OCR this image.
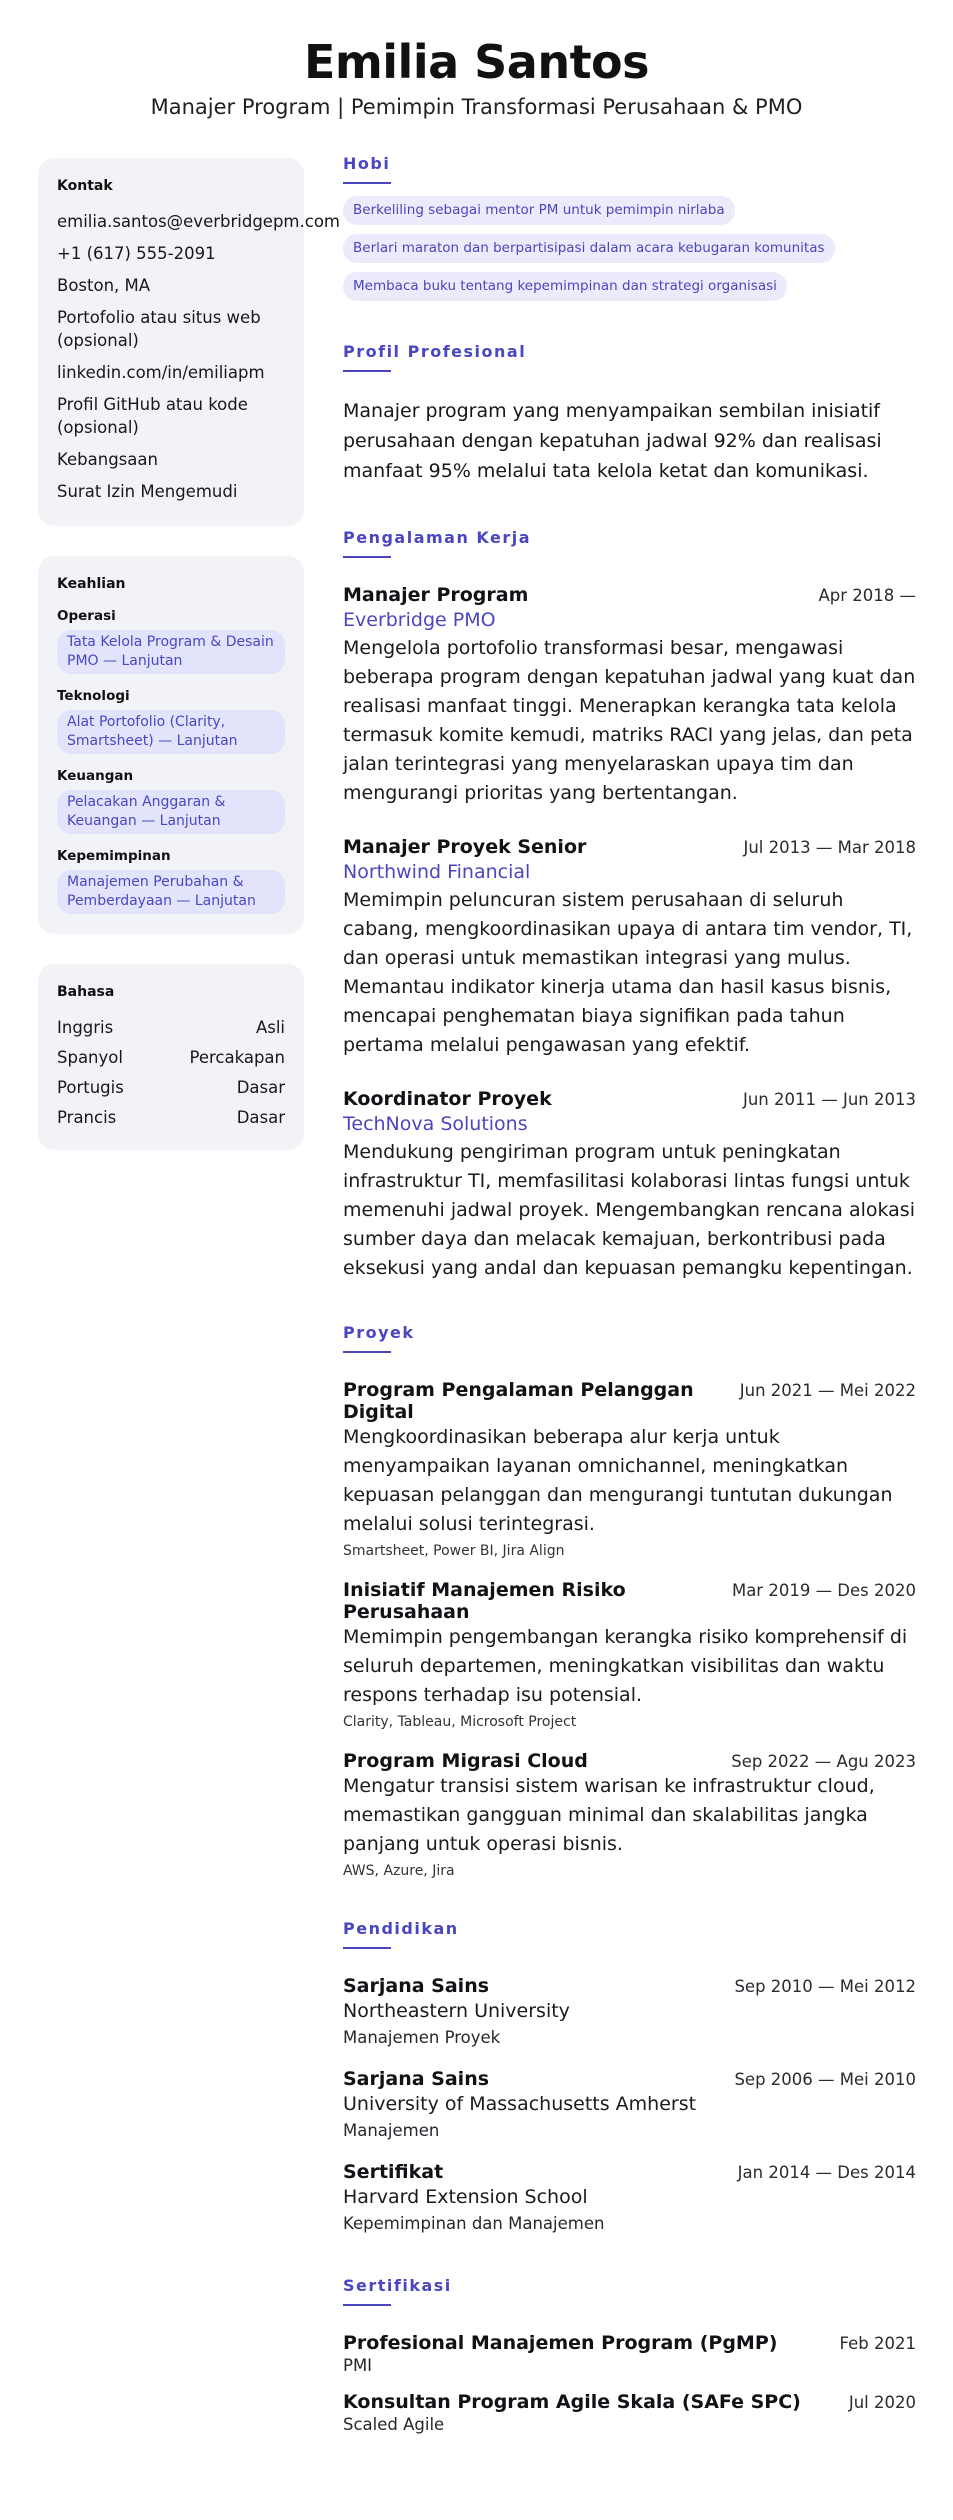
Emilia Santos
Manajer Program | Pemimpin Transformasi Perusahaan & PMO
Kontak
emilia.santos@everbridgepm.com
+1 (617) 555-2091
Boston, MA
Portofolio atau situs web (opsional)
linkedin.com/in/emiliapm
Profil GitHub atau kode (opsional)
Kebangsaan
Surat Izin Mengemudi
Keahlian
Operasi
Tata Kelola Program & Desain PMO — Lanjutan
Teknologi
Alat Portofolio (Clarity, Smartsheet) — Lanjutan
Keuangan
Pelacakan Anggaran & Keuangan — Lanjutan
Kepemimpinan
Manajemen Perubahan & Pemberdayaan — Lanjutan
Bahasa
Inggris	Asli
Spanyol	Percakapan
Portugis	Dasar
Prancis	Dasar
Hobi
Berkeliling sebagai mentor PM untuk pemimpin nirlaba
Berlari maraton dan berpartisipasi dalam acara kebugaran komunitas
Membaca buku tentang kepemimpinan dan strategi organisasi
Profil Profesional

Manajer program yang menyampaikan sembilan inisiatif perusahaan dengan kepatuhan jadwal 92% dan realisasi manfaat 95% melalui tata kelola ketat dan komunikasi.

Pengalaman Kerja
Manajer Program	Apr 2018 —
Everbridge PMO

Mengelola portofolio transformasi besar, mengawasi beberapa program dengan kepatuhan jadwal yang kuat dan realisasi manfaat tinggi. Menerapkan kerangka tata kelola termasuk komite kemudi, matriks RACI yang jelas, dan peta jalan terintegrasi yang menyelaraskan upaya tim dan mengurangi prioritas yang bertentangan.

Manajer Proyek Senior	Jul 2013 — Mar 2018
Northwind Financial

Memimpin peluncuran sistem perusahaan di seluruh cabang, mengkoordinasikan upaya di antara tim vendor, TI, dan operasi untuk memastikan integrasi yang mulus. Memantau indikator kinerja utama dan hasil kasus bisnis, mencapai penghematan biaya signifikan pada tahun pertama melalui pengawasan yang efektif.

Koordinator Proyek	Jun 2011 — Jun 2013
TechNova Solutions

Mendukung pengiriman program untuk peningkatan infrastruktur TI, memfasilitasi kolaborasi lintas fungsi untuk memenuhi jadwal proyek. Mengembangkan rencana alokasi sumber daya dan melacak kemajuan, berkontribusi pada eksekusi yang andal dan kepuasan pemangku kepentingan.

Proyek
Program Pengalaman Pelanggan Digital
Jun 2021 — Mei 2022

Mengkoordinasikan beberapa alur kerja untuk menyampaikan layanan omnichannel, meningkatkan kepuasan pelanggan dan mengurangi tuntutan dukungan melalui solusi terintegrasi.

Smartsheet, Power BI, Jira Align
Inisiatif Manajemen Risiko Perusahaan
Mar 2019 — Des 2020

Memimpin pengembangan kerangka risiko komprehensif di seluruh departemen, meningkatkan visibilitas dan waktu respons terhadap isu potensial.

Clarity, Tableau, Microsoft Project
Program Migrasi Cloud	Sep 2022 — Agu 2023

Mengatur transisi sistem warisan ke infrastruktur cloud, memastikan gangguan minimal dan skalabilitas jangka panjang untuk operasi bisnis.

AWS, Azure, Jira
Pendidikan
Sarjana Sains	Sep 2010 — Mei 2012
Northeastern University
Manajemen Proyek
Sarjana Sains	Sep 2006 — Mei 2010
University of Massachusetts Amherst
Manajemen
Sertifikat	Jan 2014 — Des 2014
Harvard Extension School
Kepemimpinan dan Manajemen
Sertifikasi
Profesional Manajemen Program (PgMP)	Feb 2021
PMI
Konsultan Program Agile Skala (SAFe SPC)	Jul 2020
Scaled Agile
